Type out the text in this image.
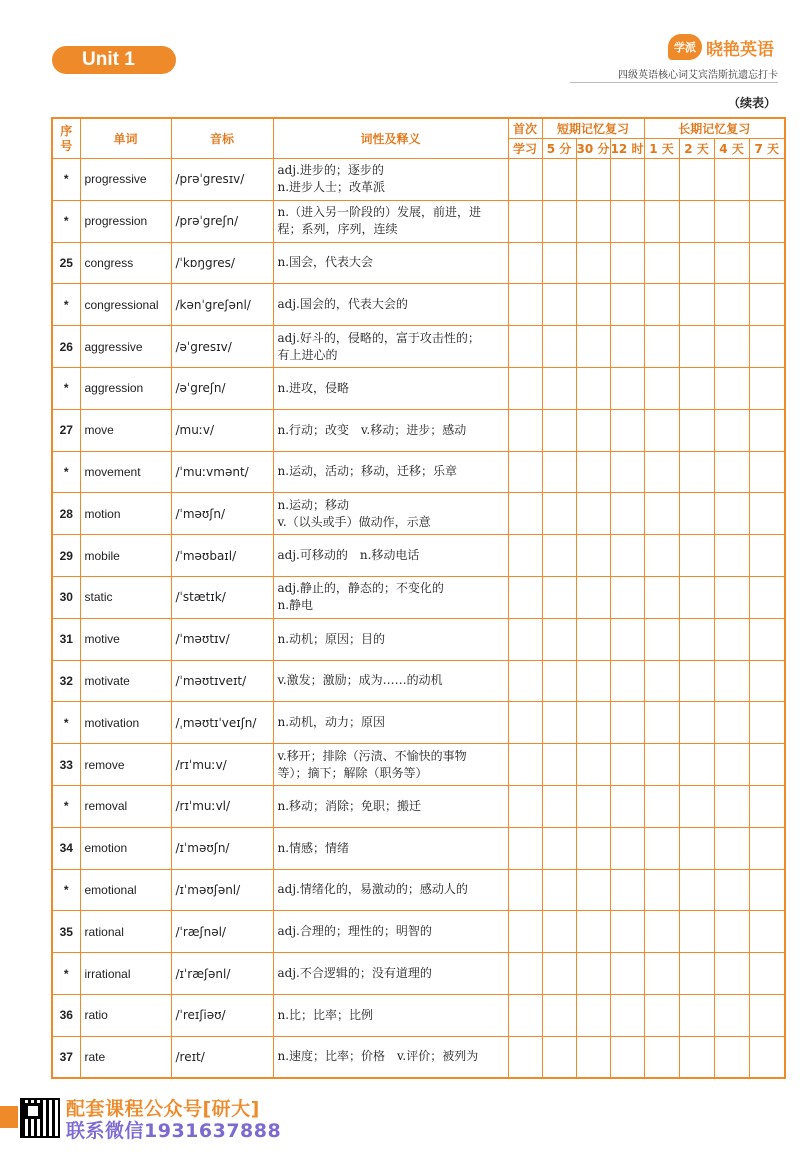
Unit 1
学派 晓艳英语
四级英语核心词艾宾浩斯抗遗忘打卡
（续表）
序号	单词	音标	词性及释义	首次	短期记忆复习			长期记忆复习			
				学习	5 分	30 分	12 时	1 天	2 天	4 天	7 天
*	progressive	/prəˈgresɪv/	adj.进步的；逐步的
n.进步人士；改革派								

*	progression	/prəˈgreʃn/	n.（进入另一阶段的）发展，前进，进
程；系列，序列，连续								

25	congress	/ˈkɒŋgres/	n.国会，代表大会								

*	congressional	/kənˈgreʃənl/	adj.国会的，代表大会的								

26	aggressive	/əˈgresɪv/	adj.好斗的，侵略的，富于攻击性的；
有上进心的								

*	aggression	/əˈgreʃn/	n.进攻，侵略								

27	move	/muːv/	n.行动；改变　v.移动；进步；感动								

*	movement	/ˈmuːvmənt/	n.运动，活动；移动，迁移；乐章								

28	motion	/ˈməʊʃn/	n.运动；移动
v.（以头或手）做动作，示意								

29	mobile	/ˈməʊbaɪl/	adj.可移动的　n.移动电话								

30	static	/ˈstætɪk/	adj.静止的，静态的；不变化的
n.静电								

31	motive	/ˈməʊtɪv/	n.动机；原因；目的								

32	motivate	/ˈməʊtɪveɪt/	v.激发；激励；成为……的动机								

*	motivation	/ˌməʊtɪˈveɪʃn/	n.动机，动力；原因								

33	remove	/rɪˈmuːv/	v.移开；排除（污渍、不愉快的事物
等）；摘下；解除（职务等）								

*	removal	/rɪˈmuːvl/	n.移动；消除；免职；搬迁								

34	emotion	/ɪˈməʊʃn/	n.情感；情绪								

*	emotional	/ɪˈməʊʃənl/	adj.情绪化的，易激动的；感动人的								

35	rational	/ˈræʃnəl/	adj.合理的；理性的；明智的								

*	irrational	/ɪˈræʃənl/	adj.不合逻辑的；没有道理的								

36	ratio	/ˈreɪʃiəʊ/	n.比；比率；比例								

37	rate	/reɪt/	n.速度；比率；价格　v.评价；被列为								

配套课程公众号[研大]
联系微信1931637888
